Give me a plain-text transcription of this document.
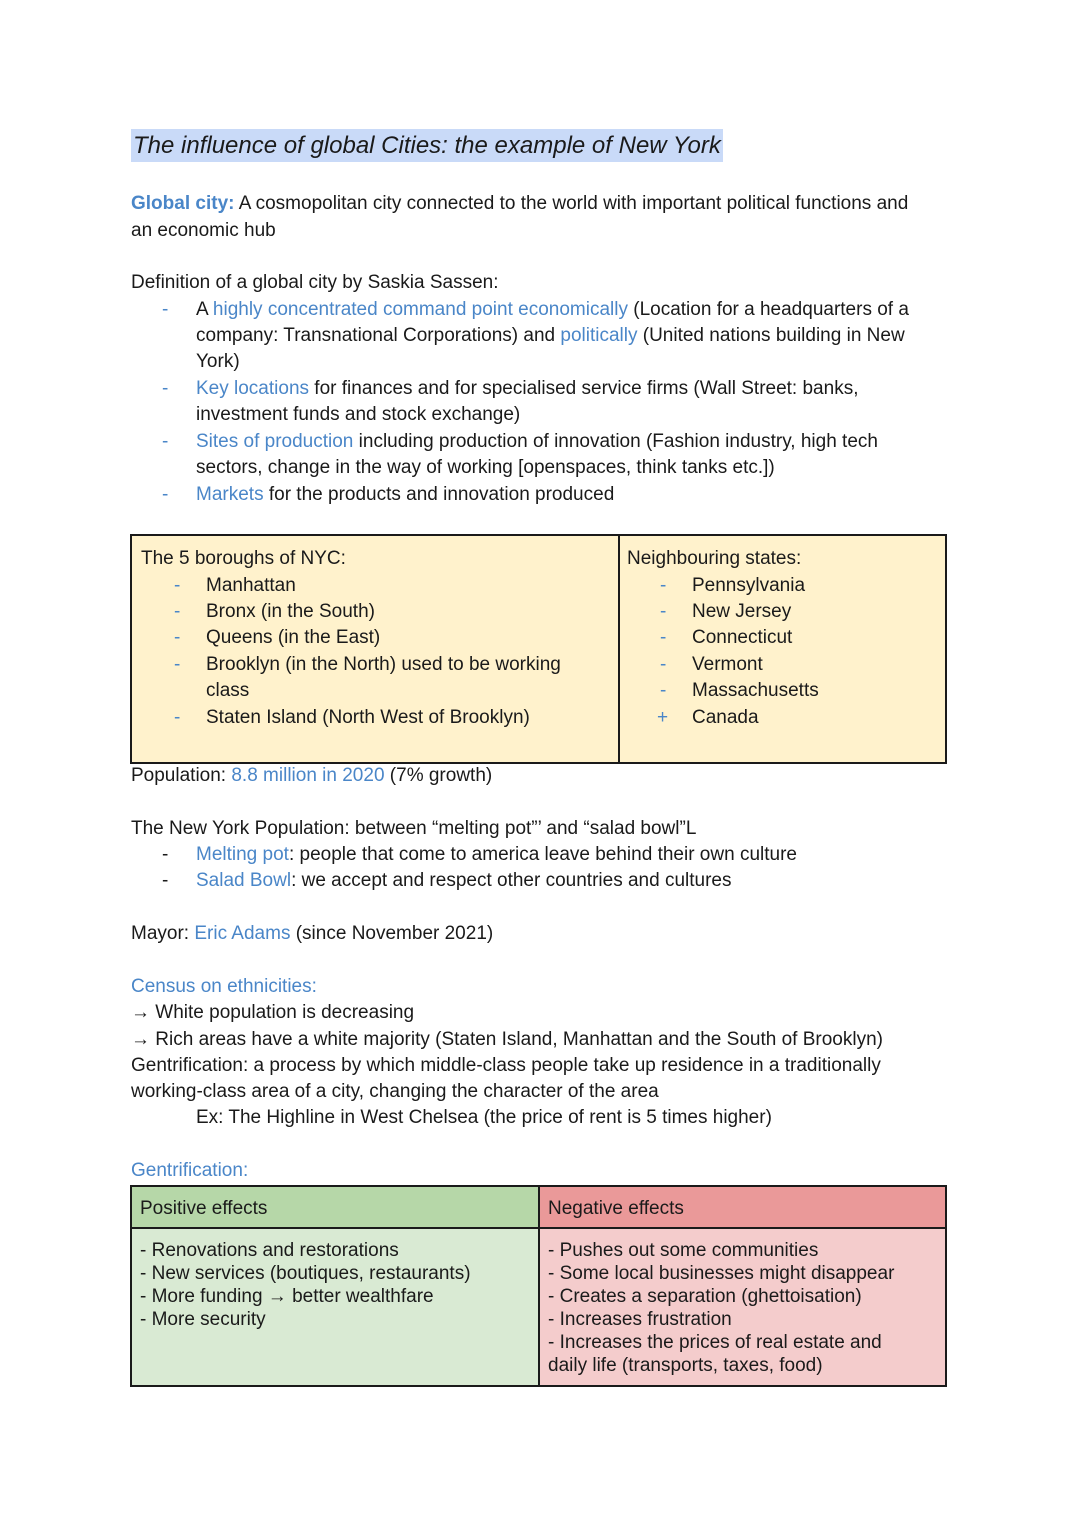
The influence of global Cities: the example of New York
Global city: A cosmopolitan city connected to the world with important political functions and
an economic hub
Definition of a global city by Saskia Sassen:
- A highly concentrated command point economically (Location for a headquarters of a
company: Transnational Corporations) and politically (United nations building in New
York)
- Key locations for finances and for specialised service firms (Wall Street: banks,
investment funds and stock exchange)
- Sites of production including production of innovation (Fashion industry, high tech
sectors, change in the way of working [openspaces, think tanks etc.])
- Markets for the products and innovation produced
The 5 boroughs of NYC:
- Manhattan
- Bronx (in the South)
- Queens (in the East)
- Brooklyn (in the North) used to be working
class
- Staten Island (North West of Brooklyn)
Neighbouring states:
- Pennsylvania
- New Jersey
- Connecticut
- Vermont
- Massachusetts
+ Canada
Population: 8.8 million in 2020 (7% growth)
The New York Population: between “melting pot”’ and “salad bowl”L
- Melting pot: people that come to america leave behind their own culture
- Salad Bowl: we accept and respect other countries and cultures
Mayor: Eric Adams (since November 2021)
Census on ethnicities:
→ White population is decreasing
→ Rich areas have a white majority (Staten Island, Manhattan and the South of Brooklyn)
Gentrification: a process by which middle-class people take up residence in a traditionally
working-class area of a city, changing the character of the area
Ex: The Highline in West Chelsea (the price of rent is 5 times higher)
Gentrification:
Positive effects	Negative effects
- Renovations and restorations
- New services (boutiques, restaurants)
- More funding → better wealthfare
- More security
- Pushes out some communities
- Some local businesses might disappear
- Creates a separation (ghettoisation)
- Increases frustration
- Increases the prices of real estate and
daily life (transports, taxes, food)
